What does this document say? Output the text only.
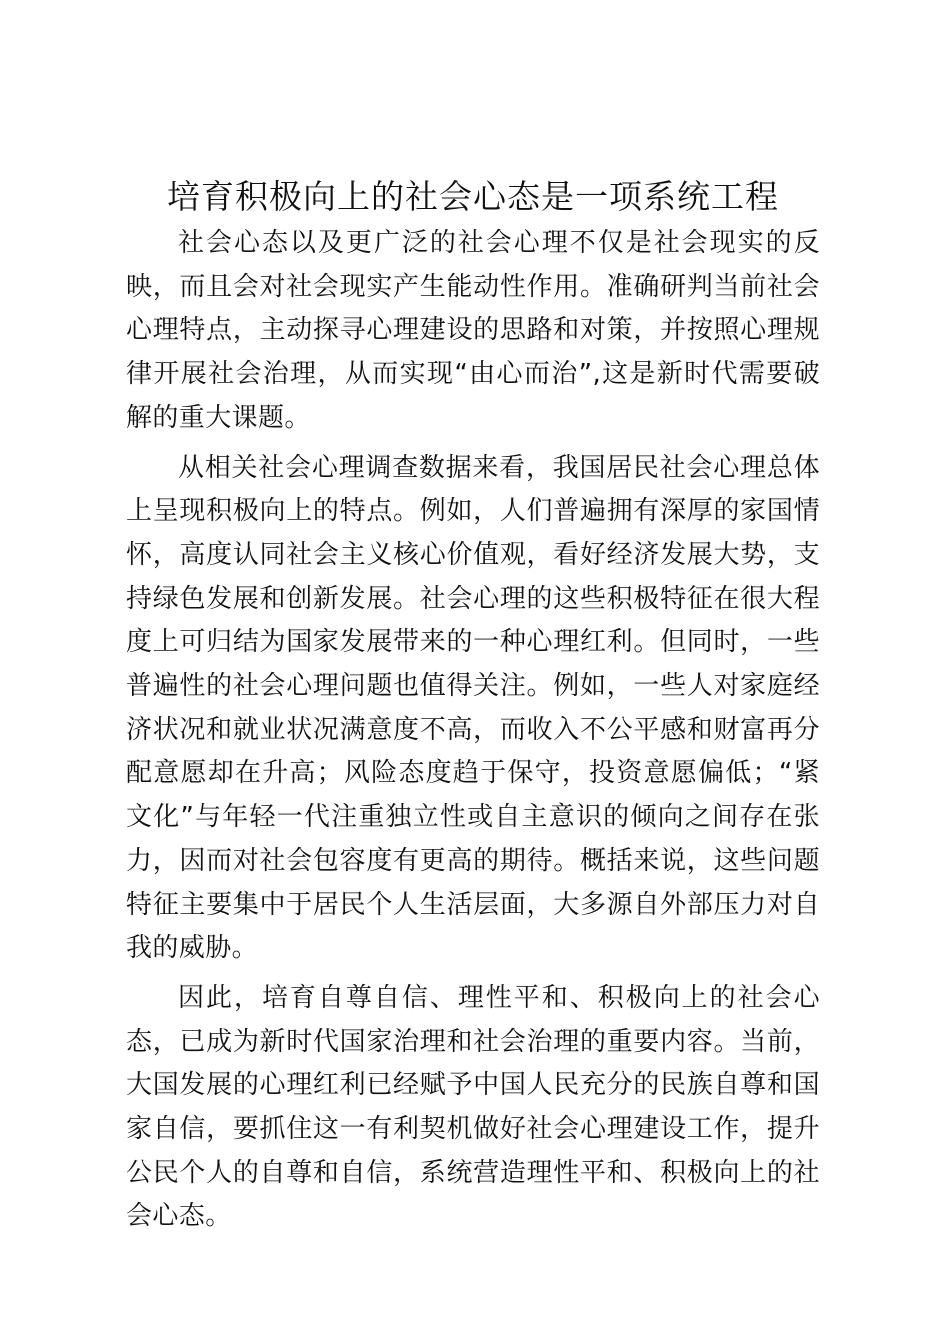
培育积极向上的社会心态是一项系统工程

社会心态以及更广泛的社会心理不仅是社会现实的反映，而且会对社会现实产生能动性作用。准确研判当前社会心理特点，主动探寻心理建设的思路和对策，并按照心理规律开展社会治理，从而实现“由心而治”,这是新时代需要破解的重大课题。

从相关社会心理调查数据来看，我国居民社会心理总体上呈现积极向上的特点。例如，人们普遍拥有深厚的家国情怀，高度认同社会主义核心价值观，看好经济发展大势，支持绿色发展和创新发展。社会心理的这些积极特征在很大程度上可归结为国家发展带来的一种心理红利。但同时，一些普遍性的社会心理问题也值得关注。例如，一些人对家庭经济状况和就业状况满意度不高，而收入不公平感和财富再分配意愿却在升高；风险态度趋于保守，投资意愿偏低；“紧文化”与年轻一代注重独立性或自主意识的倾向之间存在张力，因而对社会包容度有更高的期待。概括来说，这些问题特征主要集中于居民个人生活层面，大多源自外部压力对自我的威胁。

因此，培育自尊自信、理性平和、积极向上的社会心态，已成为新时代国家治理和社会治理的重要内容。当前，大国发展的心理红利已经赋予中国人民充分的民族自尊和国家自信，要抓住这一有利契机做好社会心理建设工作，提升公民个人的自尊和自信，系统营造理性平和、积极向上的社会心态。
